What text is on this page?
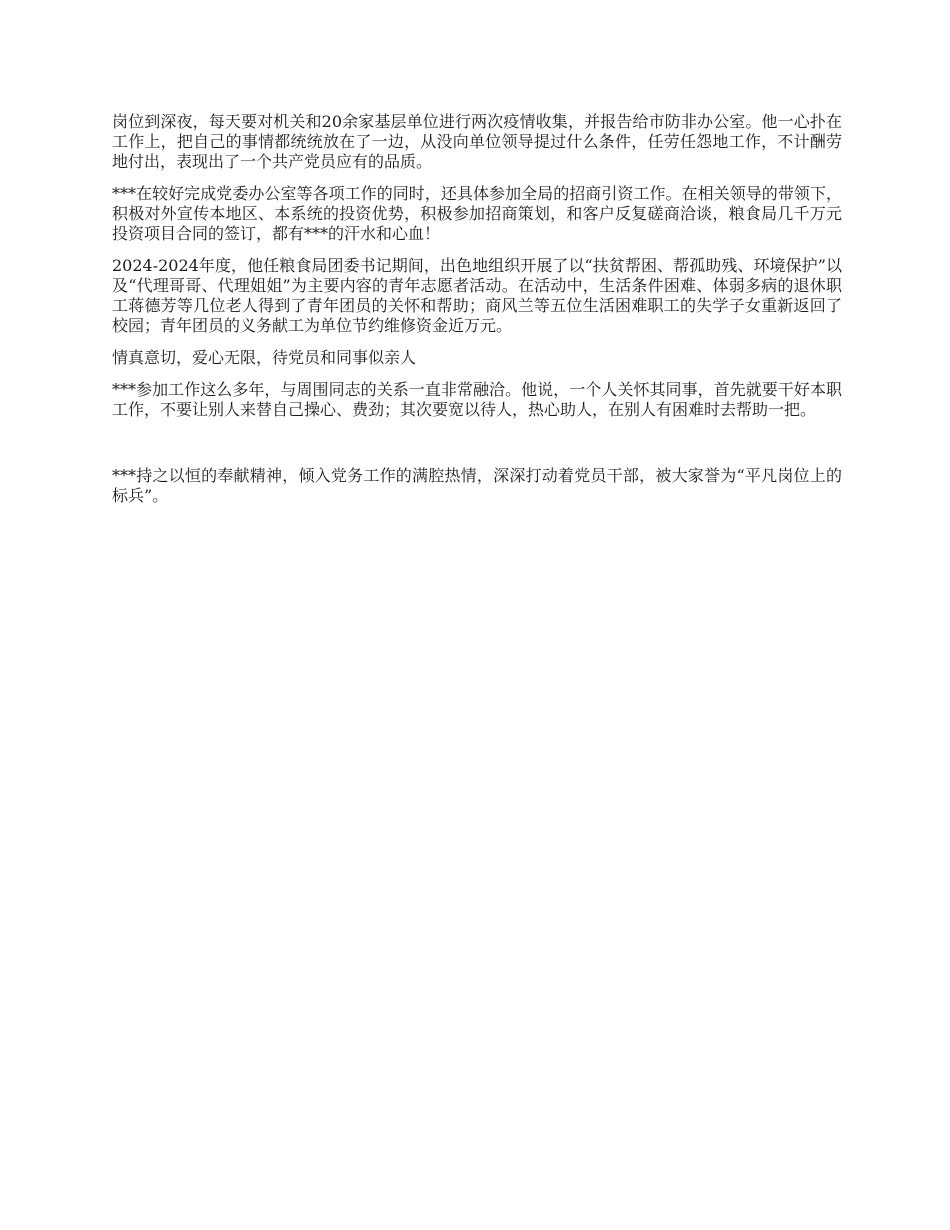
岗位到深夜，每天要对机关和20余家基层单位进行两次疫情收集，并报告给市防非办公室。他一心扑在工作上，把自己的事情都统统放在了一边，从没向单位领导提过什么条件，任劳任怨地工作，不计酬劳地付出，表现出了一个共产党员应有的品质。

***在较好完成党委办公室等各项工作的同时，还具体参加全局的招商引资工作。在相关领导的带领下，积极对外宣传本地区、本系统的投资优势，积极参加招商策划，和客户反复磋商洽谈，粮食局几千万元投资项目合同的签订，都有***的汗水和心血！

2024-2024年度，他任粮食局团委书记期间，出色地组织开展了以“扶贫帮困、帮孤助残、环境保护”以及“代理哥哥、代理姐姐”为主要内容的青年志愿者活动。在活动中，生活条件困难、体弱多病的退休职工蒋德芳等几位老人得到了青年团员的关怀和帮助；商风兰等五位生活困难职工的失学子女重新返回了校园；青年团员的义务献工为单位节约维修资金近万元。

情真意切，爱心无限，待党员和同事似亲人

***参加工作这么多年，与周围同志的关系一直非常融洽。他说，一个人关怀其同事，首先就要干好本职工作，不要让别人来替自己操心、费劲；其次要宽以待人，热心助人，在别人有困难时去帮助一把。

***持之以恒的奉献精神，倾入党务工作的满腔热情，深深打动着党员干部，被大家誉为“平凡岗位上的标兵”。
